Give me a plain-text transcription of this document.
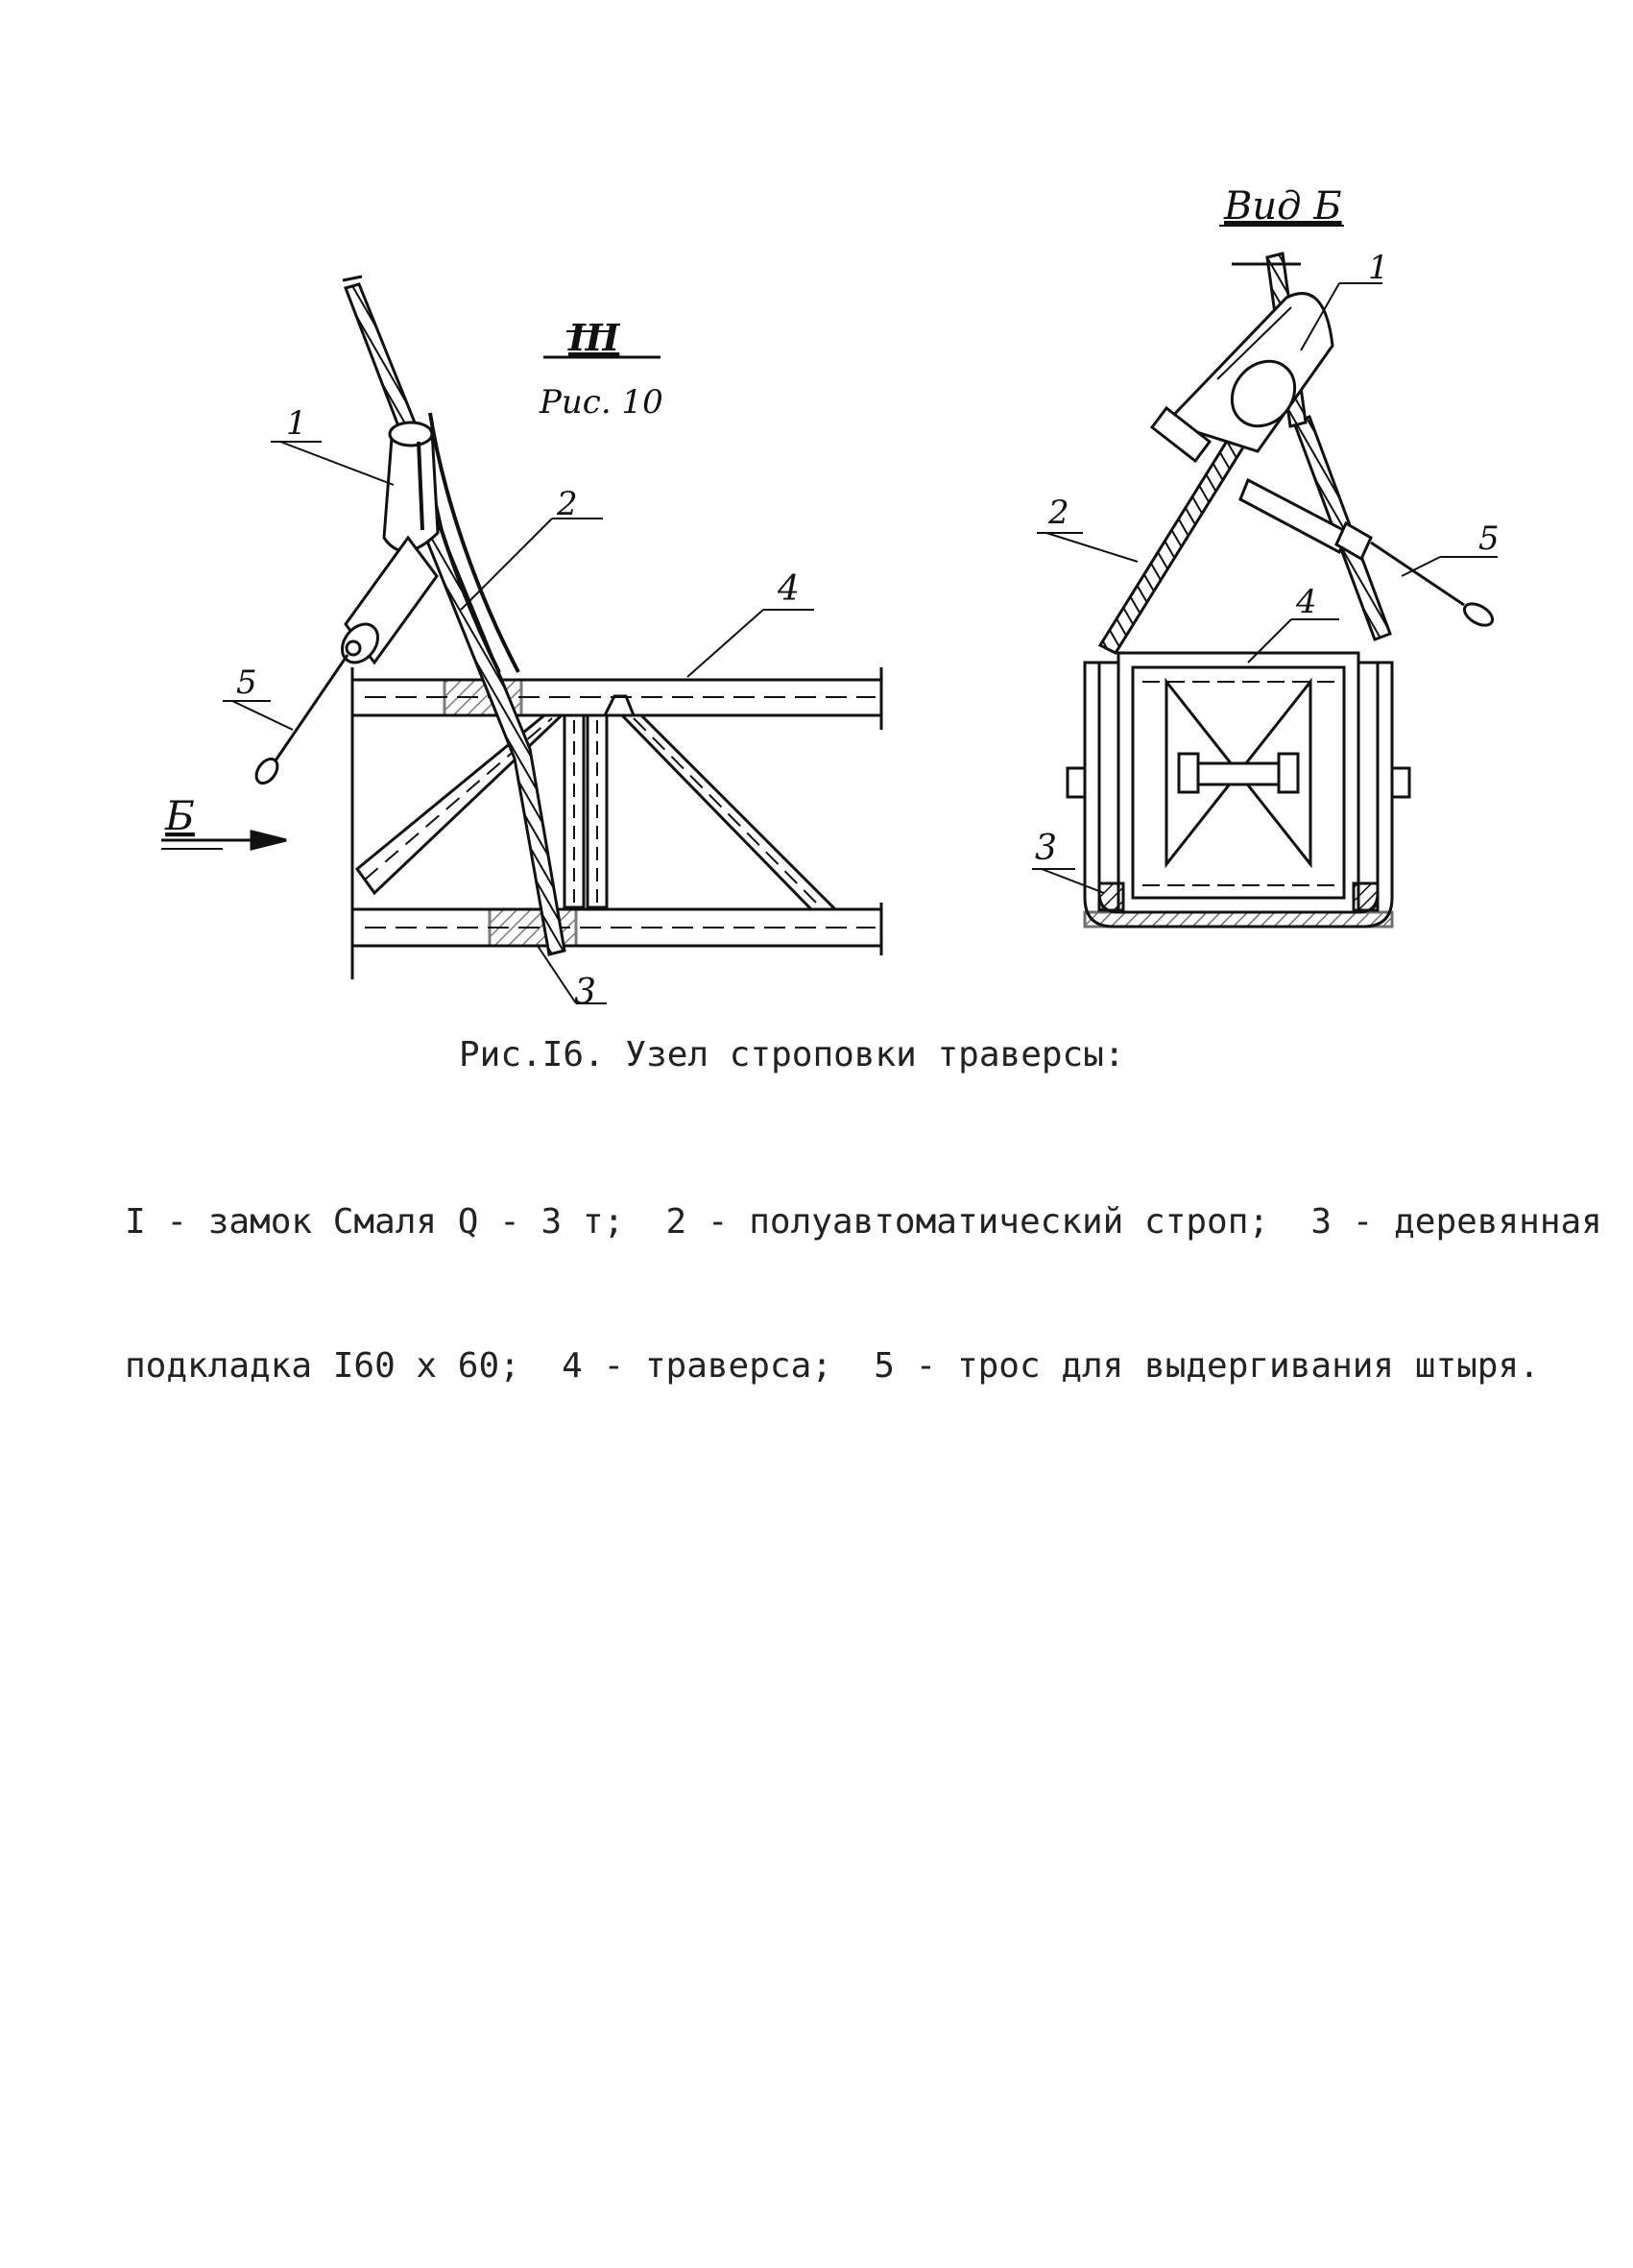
1
2
3
4
5
III
Рис. 10
Б
Вид Б
1
2
3
4
5
Рис.I6. Узел строповки траверсы:

I - замок Смаля Q - 3 т;  2 - полуавтоматический строп;  3 - деревянная

подкладка I60 х 60;  4 - траверса;  5 - трос для выдергивания штыря.
